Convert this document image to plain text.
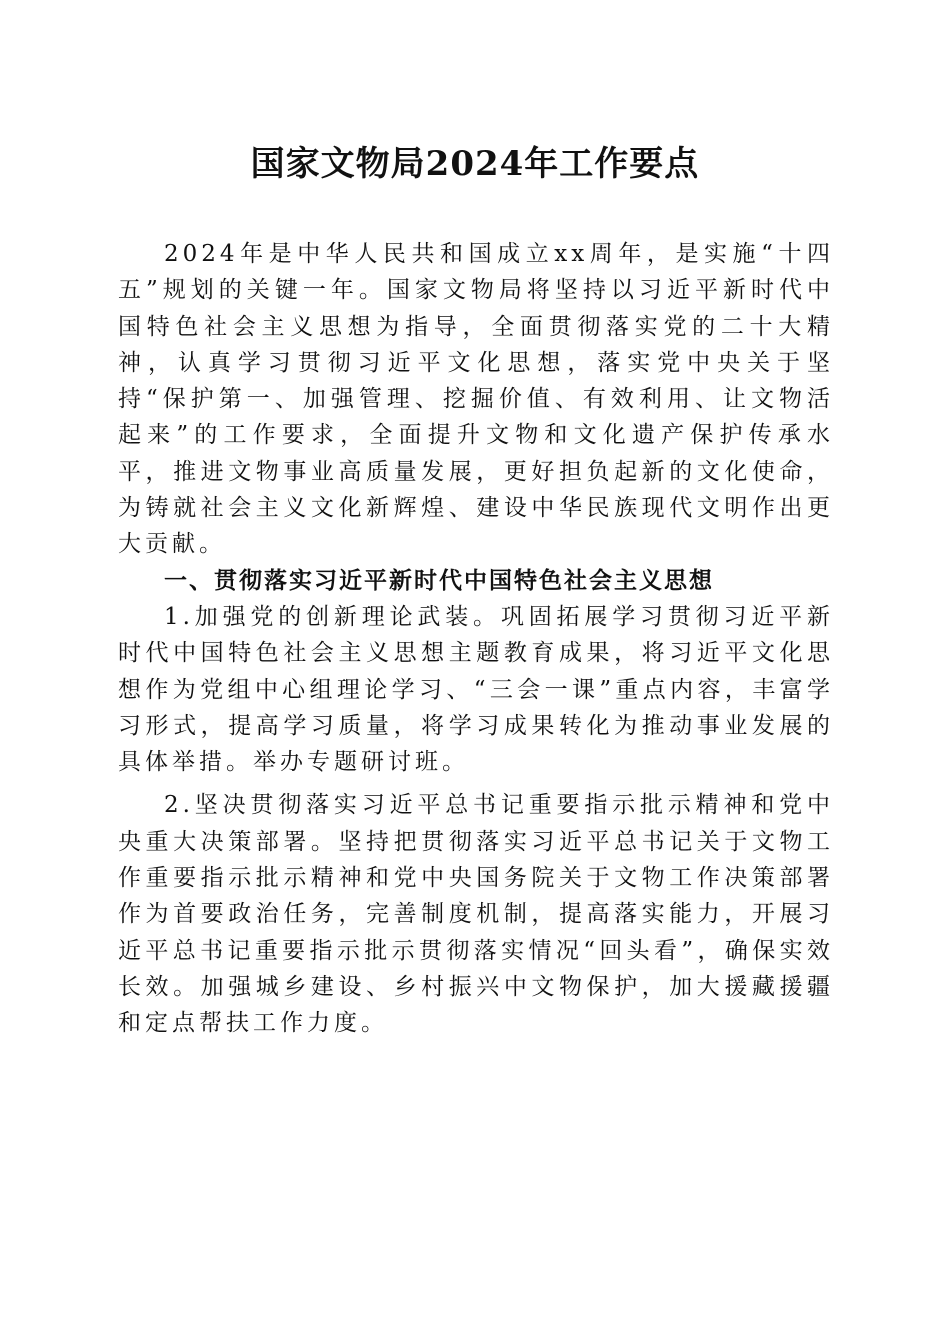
国家文物局2024年工作要点

2024年是中华人民共和国成立xx周年，是实施“十四五”规划的关键一年。国家文物局将坚持以习近平新时代中国特色社会主义思想为指导，全面贯彻落实党的二十大精神，认真学习贯彻习近平文化思想，落实党中央关于坚持“保护第一、加强管理、挖掘价值、有效利用、让文物活起来”的工作要求，全面提升文物和文化遗产保护传承水平，推进文物事业高质量发展，更好担负起新的文化使命，为铸就社会主义文化新辉煌、建设中华民族现代文明作出更大贡献。

一、贯彻落实习近平新时代中国特色社会主义思想

1.加强党的创新理论武装。巩固拓展学习贯彻习近平新时代中国特色社会主义思想主题教育成果，将习近平文化思想作为党组中心组理论学习、“三会一课”重点内容，丰富学习形式，提高学习质量，将学习成果转化为推动事业发展的具体举措。举办专题研讨班。

2.坚决贯彻落实习近平总书记重要指示批示精神和党中央重大决策部署。坚持把贯彻落实习近平总书记关于文物工作重要指示批示精神和党中央国务院关于文物工作决策部署作为首要政治任务，完善制度机制，提高落实能力，开展习近平总书记重要指示批示贯彻落实情况“回头看”，确保实效长效。加强城乡建设、乡村振兴中文物保护，加大援藏援疆和定点帮扶工作力度。
